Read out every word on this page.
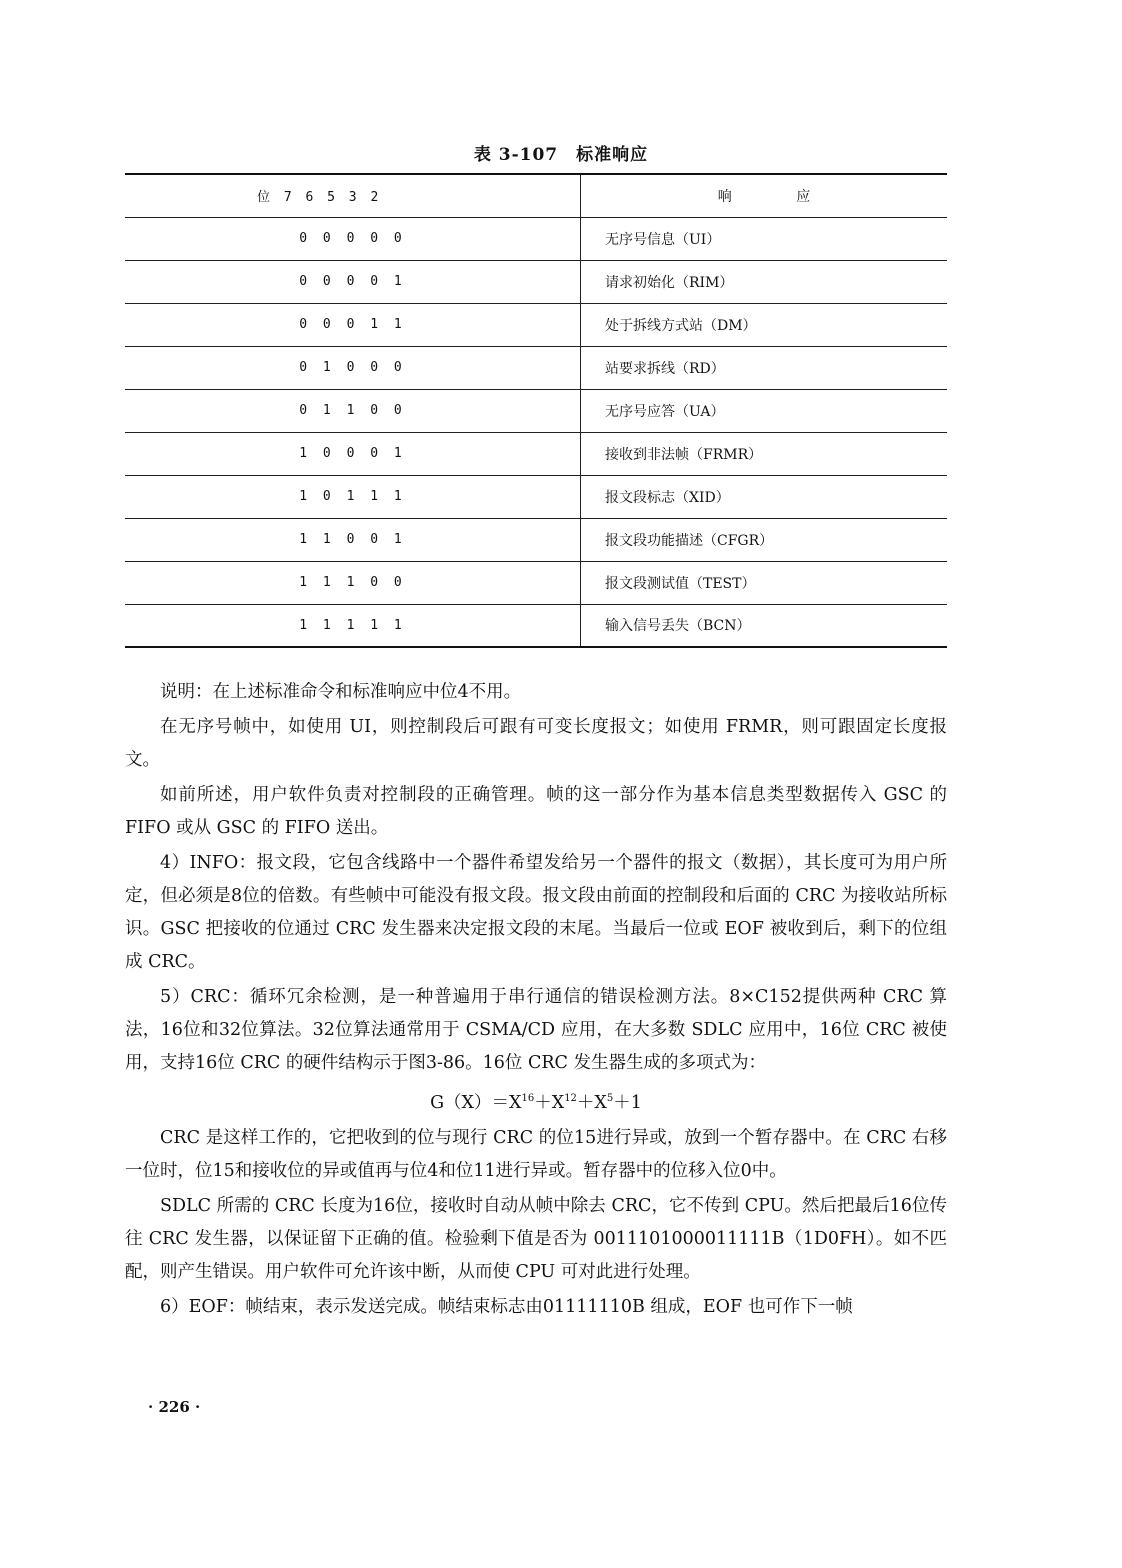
表 3-107　标准响应
位 7 6 5 3 2	响 应
0 0 0 0 0	无序号信息（UI）
0 0 0 0 1	请求初始化（RIM）
0 0 0 1 1	处于拆线方式站（DM）
0 1 0 0 0	站要求拆线（RD）
0 1 1 0 0	无序号应答（UA）
1 0 0 0 1	接收到非法帧（FRMR）
1 0 1 1 1	报文段标志（XID）
1 1 0 0 1	报文段功能描述（CFGR）
1 1 1 0 0	报文段测试值（TEST）
1 1 1 1 1	输入信号丢失（BCN）

说明：在上述标准命令和标准响应中位4不用。

在无序号帧中，如使用 UI，则控制段后可跟有可变长度报文；如使用 FRMR，则可跟固定长度报文。

如前所述，用户软件负责对控制段的正确管理。帧的这一部分作为基本信息类型数据传入 GSC 的 FIFO 或从 GSC 的 FIFO 送出。

4）INFO：报文段，它包含线路中一个器件希望发给另一个器件的报文（数据），其长度可为用户所定，但必须是8位的倍数。有些帧中可能没有报文段。报文段由前面的控制段和后面的 CRC 为接收站所标识。GSC 把接收的位通过 CRC 发生器来决定报文段的末尾。当最后一位或 EOF 被收到后，剩下的位组成 CRC。

5）CRC：循环冗余检测，是一种普遍用于串行通信的错误检测方法。8×C152提供两种 CRC 算法，16位和32位算法。32位算法通常用于 CSMA/CD 应用，在大多数 SDLC 应用中，16位 CRC 被使用，支持16位 CRC 的硬件结构示于图3-86。16位 CRC 发生器生成的多项式为：

$G(X)=X^{16}+X^{12}+X^5+1$

CRC 是这样工作的，它把收到的位与现行 CRC 的位15进行异或，放到一个暂存器中。在 CRC 右移一位时，位15和接收位的异或值再与位4和位11进行异或。暂存器中的位移入位0中。

SDLC 所需的 CRC 长度为16位，接收时自动从帧中除去 CRC，它不传到 CPU。然后把最后16位传往 CRC 发生器，以保证留下正确的值。检验剩下值是否为 0011101000011111B（1D0FH）。如不匹配，则产生错误。用户软件可允许该中断，从而使 CPU 可对此进行处理。

6）EOF：帧结束，表示发送完成。帧结束标志由01111110B 组成，EOF 也可作下一帧

· 226 ·
